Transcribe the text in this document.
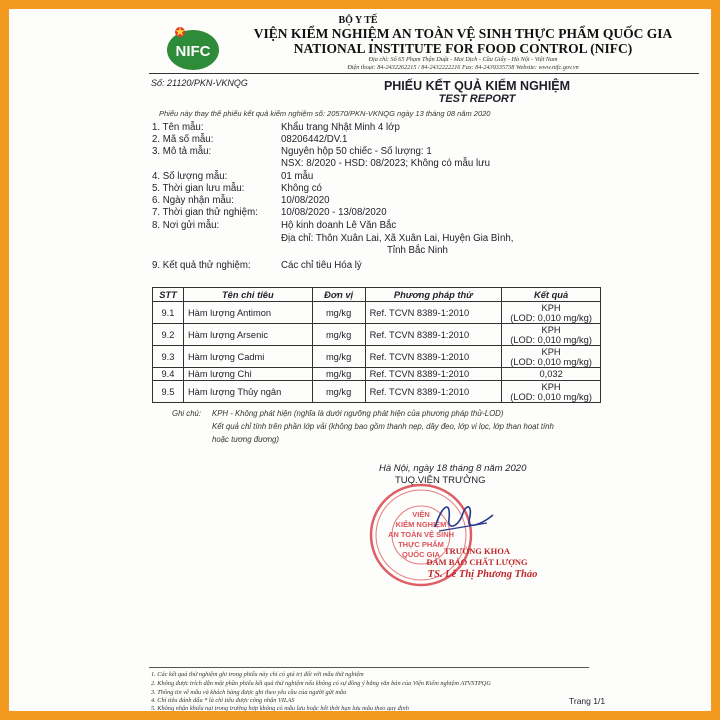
NIFC
BỘ Y TẾ
VIỆN KIỂM NGHIỆM AN TOÀN VỆ SINH THỰC PHẨM QUỐC GIA
NATIONAL INSTITUTE FOR FOOD CONTROL (NIFC)
Địa chỉ: Số 65 Phạm Thận Duật - Mai Dịch - Cầu Giấy - Hà Nội - Việt Nam
Điện thoại: 84-2432262215 / 84-2432222216 Fax: 84-2439335738 Website: www.nifc.gov.vn
Số: 21120/PKN-VKNQG	PHIẾU KẾT QUẢ KIỂM NGHIỆM
TEST REPORT
Phiếu này thay thế phiếu kết quả kiểm nghiệm số: 20570/PKN-VKNQG ngày 13 tháng 08 năm 2020
1. Tên mẫu:	Khẩu trang Nhật Minh 4 lớp
2. Mã số mẫu:	08206442/DV.1
3. Mô tả mẫu:	Nguyên hộp 50 chiếc - Số lượng: 1
NSX: 8/2020 - HSD: 08/2023; Không có mẫu lưu
4. Số lượng mẫu:	01 mẫu
5. Thời gian lưu mẫu:	Không có
6. Ngày nhận mẫu:	10/08/2020
7. Thời gian thử nghiệm: 10/08/2020 - 13/08/2020
8. Nơi gửi mẫu:	Hộ kinh doanh Lê Văn Bắc
Địa chỉ: Thôn Xuân Lai, Xã Xuân Lai, Huyện Gia Bình,
Tỉnh Bắc Ninh
9. Kết quả thử nghiệm:	Các chỉ tiêu Hóa lý
STT	Tên chỉ tiêu	Đơn vị	Phương pháp thử	Kết quả
9.1	Hàm lượng Antimon	mg/kg	Ref. TCVN 8389-1:2010	KPH
(LOD: 0,010 mg/kg)

9.2	Hàm lượng Arsenic	mg/kg	Ref. TCVN 8389-1:2010	KPH
(LOD: 0,010 mg/kg)

9.3	Hàm lượng Cadmi	mg/kg	Ref. TCVN 8389-1:2010	KPH
(LOD: 0,010 mg/kg)

9.4	Hàm lượng Chì	mg/kg	Ref. TCVN 8389-1:2010	0,032
9.5	Hàm lượng Thủy ngân	mg/kg	Ref. TCVN 8389-1:2010	KPH
(LOD: 0,010 mg/kg)
Ghi chú: KPH - Không phát hiện (nghĩa là dưới ngưỡng phát hiện của phương pháp thử-LOD)
Kết quả chỉ tính trên phần lớp vải (không bao gồm thanh nẹp, dây đeo, lớp vi lọc, lớp than hoạt tính
hoặc tương đương)
Hà Nội, ngày 18 tháng 8 năm 2020
TUQ.VIỆN TRƯỞNG
VIỆN
KIỂM NGHIỆM
AN TOÀN VỆ SINH
THỰC PHẨM
QUỐC GIA TRƯỞNG KHOA
ĐẢM BẢO CHẤT LƯỢNG
TS. Lê Thị Phương Thảo
1. Các kết quả thử nghiệm ghi trong phiếu này chỉ có giá trị đối với mẫu thử nghiệm
2. Không được trích dẫn một phần phiếu kết quả thử nghiệm nếu không có sự đồng ý bằng văn bản của Viện Kiểm nghiệm ATVSTPQG
3. Thông tin về mẫu và khách hàng được ghi theo yêu cầu của người gửi mẫu
4. Chỉ tiêu đánh dấu * là chỉ tiêu được công nhận VILAS
5. Không nhận khiếu nại trong trường hợp không có mẫu lưu hoặc hết thời hạn lưu mẫu theo quy định
Trang 1/1
